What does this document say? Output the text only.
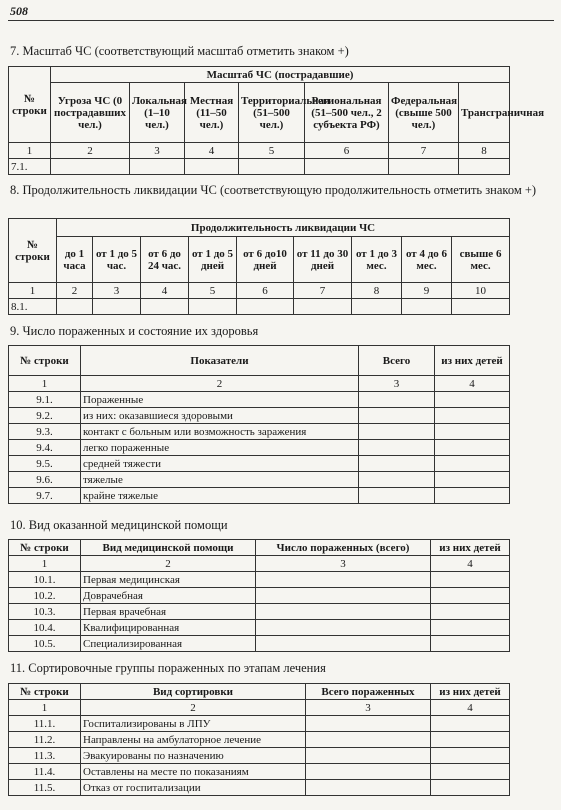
508
7. Масштаб ЧС (соответствующий масштаб отметить знаком +)
№ строки	Масштаб ЧС (пострадавшие)						
	Угроза ЧС (0 пострадавших чел.)	Локальная (1–10 чел.)	Местная (11–50 чел.)	Территориальная (51–500 чел.)	Региональная (51–500 чел., 2 субъекта РФ)	Федеральная (свыше 500 чел.)	Трансграничная
1	2	3	4	5	6	7	8
7.1.							
8. Продолжительность ликвидации ЧС (соответствующую продолжительность отметить знаком +)
№ строки	Продолжительность ликвидации ЧС								
	до 1 часа	от 1 до 5 час.	от 6 до 24 час.	от 1 до 5 дней	от 6 до10 дней	от 11 до 30 дней	от 1 до 3 мес.	от 4 до 6 мес.	свыше 6 мес.
1	2	3	4	5	6	7	8	9	10
8.1.									
9. Число пораженных и состояние их здоровья
№ строки	Показатели	Всего	из них детей
1	2	3	4
9.1.	Пораженные		
9.2.	из них: оказавшиеся здоровыми		
9.3.	контакт с больным или возможность заражения		
9.4.	легко пораженные		
9.5.	средней тяжести		
9.6.	тяжелые		
9.7.	крайне тяжелые		
10. Вид оказанной медицинской помощи
№ строки	Вид медицинской помощи	Число пораженных (всего)	из них детей
1	2	3	4
10.1.	Первая медицинская		
10.2.	Доврачебная		
10.3.	Первая врачебная		
10.4.	Квалифицированная		
10.5.	Специализированная		
11. Сортировочные группы пораженных по этапам лечения
№ строки	Вид сортировки	Всего пораженных	из них детей
1	2	3	4
11.1.	Госпитализированы в ЛПУ		
11.2.	Направлены на амбулаторное лечение		
11.3.	Эвакуированы по назначению		
11.4.	Оставлены на месте по показаниям		
11.5.	Отказ от госпитализации		
